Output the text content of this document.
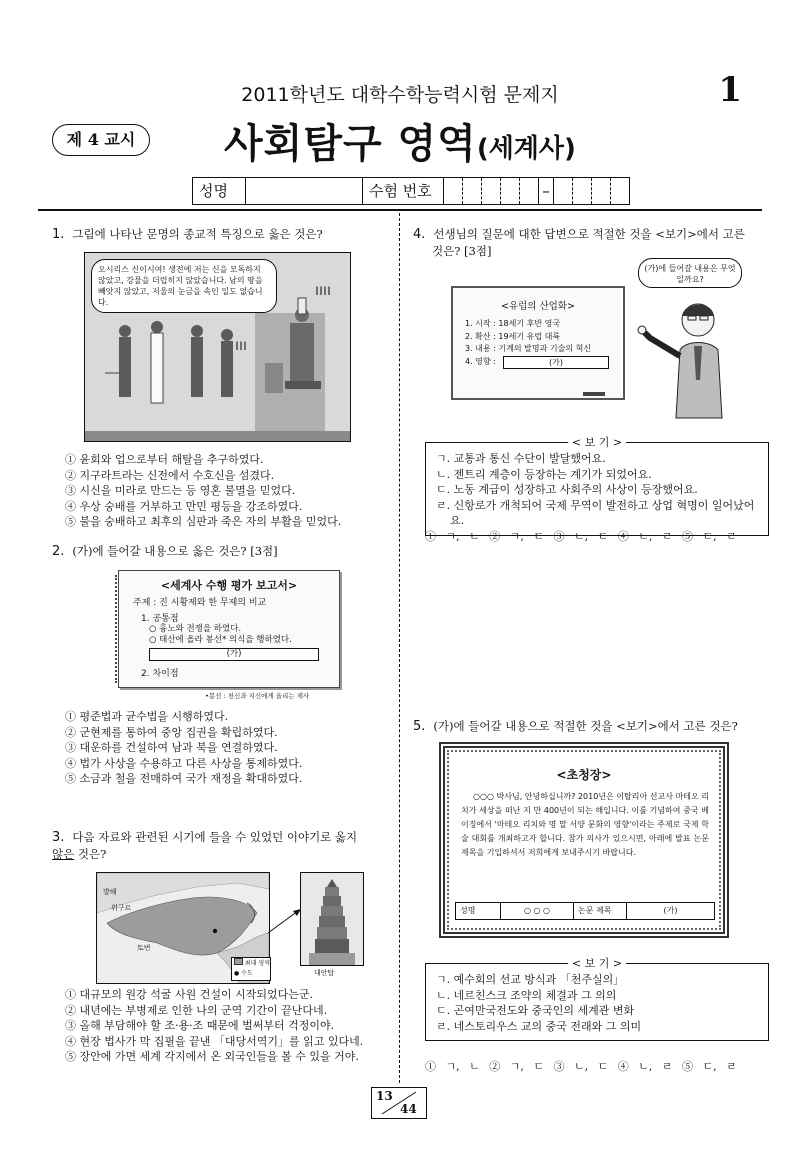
2011학년도 대학수학능력시험 문제지	1
제 4 교시	사회탐구 영역(세계사)
성명	수험 번호	–
1. 그림에 나타난 문명의 종교적 특징으로 옳은 것은?
‖‖‖
‖‖‖‖
오시리스 신이시여! 생전에 저는 신을 모독하지 않았고, 강물을 더럽히지 않았습니다. 남의 땅을 빼앗지 않았고, 저울의 눈금을 속인 일도 없습니다.
① 윤회와 업으로부터 해탈을 추구하였다.
② 지구라트라는 신전에서 수호신을 섬겼다.
③ 시신을 미라로 만드는 등 영혼 불멸을 믿었다.
④ 우상 숭배를 거부하고 만민 평등을 강조하였다.
⑤ 불을 숭배하고 최후의 심판과 죽은 자의 부활을 믿었다.
2. (가)에 들어갈 내용으로 옳은 것은? [3점]
<세계사 수행 평가 보고서>
주제 : 진 시황제와 한 무제의 비교
1. 공통점
○ 흉노와 전쟁을 하였다.
○ 태산에 올라 봉선* 의식을 행하였다.
(가)
2. 차이점
•봉선 : 천신과 지신에게 올리는 제사
① 평준법과 균수법을 시행하였다.
② 군현제를 통하여 중앙 집권을 확립하였다.
③ 대운하를 건설하여 남과 북을 연결하였다.
④ 법가 사상을 수용하고 다른 사상을 통제하였다.
⑤ 소금과 철을 전매하여 국가 재정을 확대하였다.
3. 다음 자료와 관련된 시기에 들을 수 있었던 이야기로 옳지
않은 것은?
발해
위구르
토번
최대 영역
● 수도	대안탑
① 대규모의 원강 석굴 사원 건설이 시작되었다는군.
② 내년에는 부병제로 인한 나의 군역 기간이 끝난다네.
③ 올해 부담해야 할 조·용·조 때문에 벌써부터 걱정이야.
④ 현장 법사가 막 집필을 끝낸 「대당서역기」를 읽고 있다네.
⑤ 장안에 가면 세계 각지에서 온 외국인들을 볼 수 있을 거야.
4. 선생님의 질문에 대한 답변으로 적절한 것을 <보기>에서 고른 것은? [3점]
<유럽의 산업화>
1. 시작 : 18세기 후반 영국
2. 확산 : 19세기 유럽 대륙
3. 내용 : 기계의 발명과 기술의 혁신
4. 영향 :	(가)
(가)에 들어갈 내용은 무엇일까요?
< 보 기 >
ㄱ. 교통과 통신 수단이 발달했어요.
ㄴ. 젠트리 계층이 등장하는 계기가 되었어요.
ㄷ. 노동 계급이 성장하고 사회주의 사상이 등장했어요.
ㄹ. 신항로가 개척되어 국제 무역이 발전하고 상업 혁명이 일어났어요.
① ㄱ, ㄴ ② ㄱ, ㄷ ③ ㄴ, ㄷ ④ ㄴ, ㄹ ⑤ ㄷ, ㄹ
5. (가)에 들어갈 내용으로 적절한 것을 <보기>에서 고른 것은?
<초청장>
○○○ 박사님, 안녕하십니까? 2010년은 이탈리아 선교사 마테오 리치가 세상을 떠난 지 만 400년이 되는 해입니다. 이를 기념하여 중국 베이징에서 '마테오 리치와 명 말 서양 문화의 영향'이라는 주제로 국제 학술 대회를 개최하고자 합니다. 참가 의사가 있으시면, 아래에 발표 논문 제목을 기입하셔서 저희에게 보내주시기 바랍니다.
성명	○ ○ ○	논문 제목	(가)
< 보 기 >
ㄱ. 예수회의 선교 방식과 「천주실의」
ㄴ. 네르친스크 조약의 체결과 그 의의
ㄷ. 곤여만국전도와 중국인의 세계관 변화
ㄹ. 네스토리우스 교의 중국 전래와 그 의미
① ㄱ, ㄴ ② ㄱ, ㄷ ③ ㄴ, ㄷ ④ ㄴ, ㄹ ⑤ ㄷ, ㄹ
13
44
